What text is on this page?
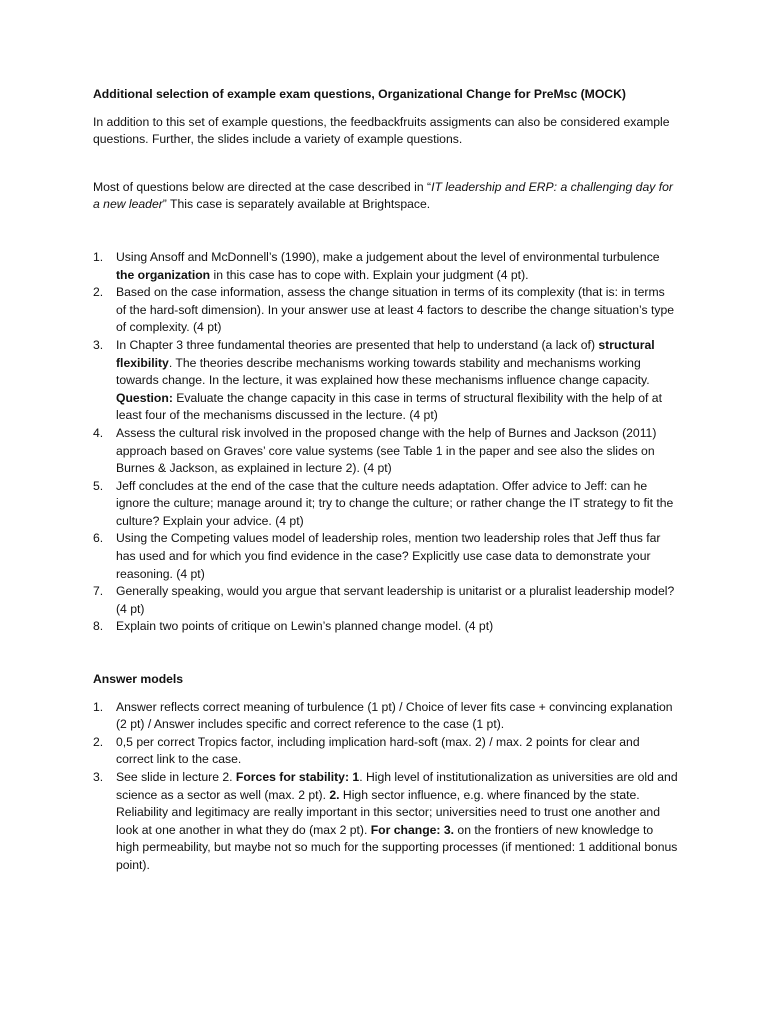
Additional selection of example exam questions, Organizational Change for PreMsc (MOCK)

In addition to this set of example questions, the feedbackfruits assigments can also be considered example questions. Further, the slides include a variety of example questions.

Most of questions below are directed at the case described in “IT leadership and ERP: a challenging day for a new leader” This case is separately available at Brightspace.

1. Using Ansoff and McDonnell’s (1990), make a judgement about the level of environmental turbulence the organization in this case has to cope with. Explain your judgment (4 pt).
2. Based on the case information, assess the change situation in terms of its complexity (that is: in terms of the hard-soft dimension). In your answer use at least 4 factors to describe the change situation’s type of complexity. (4 pt)
3. In Chapter 3 three fundamental theories are presented that help to understand (a lack of) structural flexibility. The theories describe mechanisms working towards stability and mechanisms working towards change. In the lecture, it was explained how these mechanisms influence change capacity. Question: Evaluate the change capacity in this case in terms of structural flexibility with the help of at least four of the mechanisms discussed in the lecture. (4 pt)
4. Assess the cultural risk involved in the proposed change with the help of Burnes and Jackson (2011) approach based on Graves’ core value systems (see Table 1 in the paper and see also the slides on Burnes & Jackson, as explained in lecture 2). (4 pt)
5. Jeff concludes at the end of the case that the culture needs adaptation. Offer advice to Jeff: can he ignore the culture; manage around it; try to change the culture; or rather change the IT strategy to fit the culture? Explain your advice. (4 pt)
6. Using the Competing values model of leadership roles, mention two leadership roles that Jeff thus far has used and for which you find evidence in the case? Explicitly use case data to demonstrate your reasoning. (4 pt)
7. Generally speaking, would you argue that servant leadership is unitarist or a pluralist leadership model? (4 pt)
8. Explain two points of critique on Lewin’s planned change model. (4 pt)

Answer models

1. Answer reflects correct meaning of turbulence (1 pt) / Choice of lever fits case + convincing explanation (2 pt) / Answer includes specific and correct reference to the case (1 pt).
2. 0,5 per correct Tropics factor, including implication hard-soft (max. 2) / max. 2 points for clear and correct link to the case.
3. See slide in lecture 2. Forces for stability: 1. High level of institutionalization as universities are old and science as a sector as well (max. 2 pt). 2. High sector influence, e.g. where financed by the state. Reliability and legitimacy are really important in this sector; universities need to trust one another and look at one another in what they do (max 2 pt). For change: 3. on the frontiers of new knowledge to high permeability, but maybe not so much for the supporting processes (if mentioned: 1 additional bonus point).
